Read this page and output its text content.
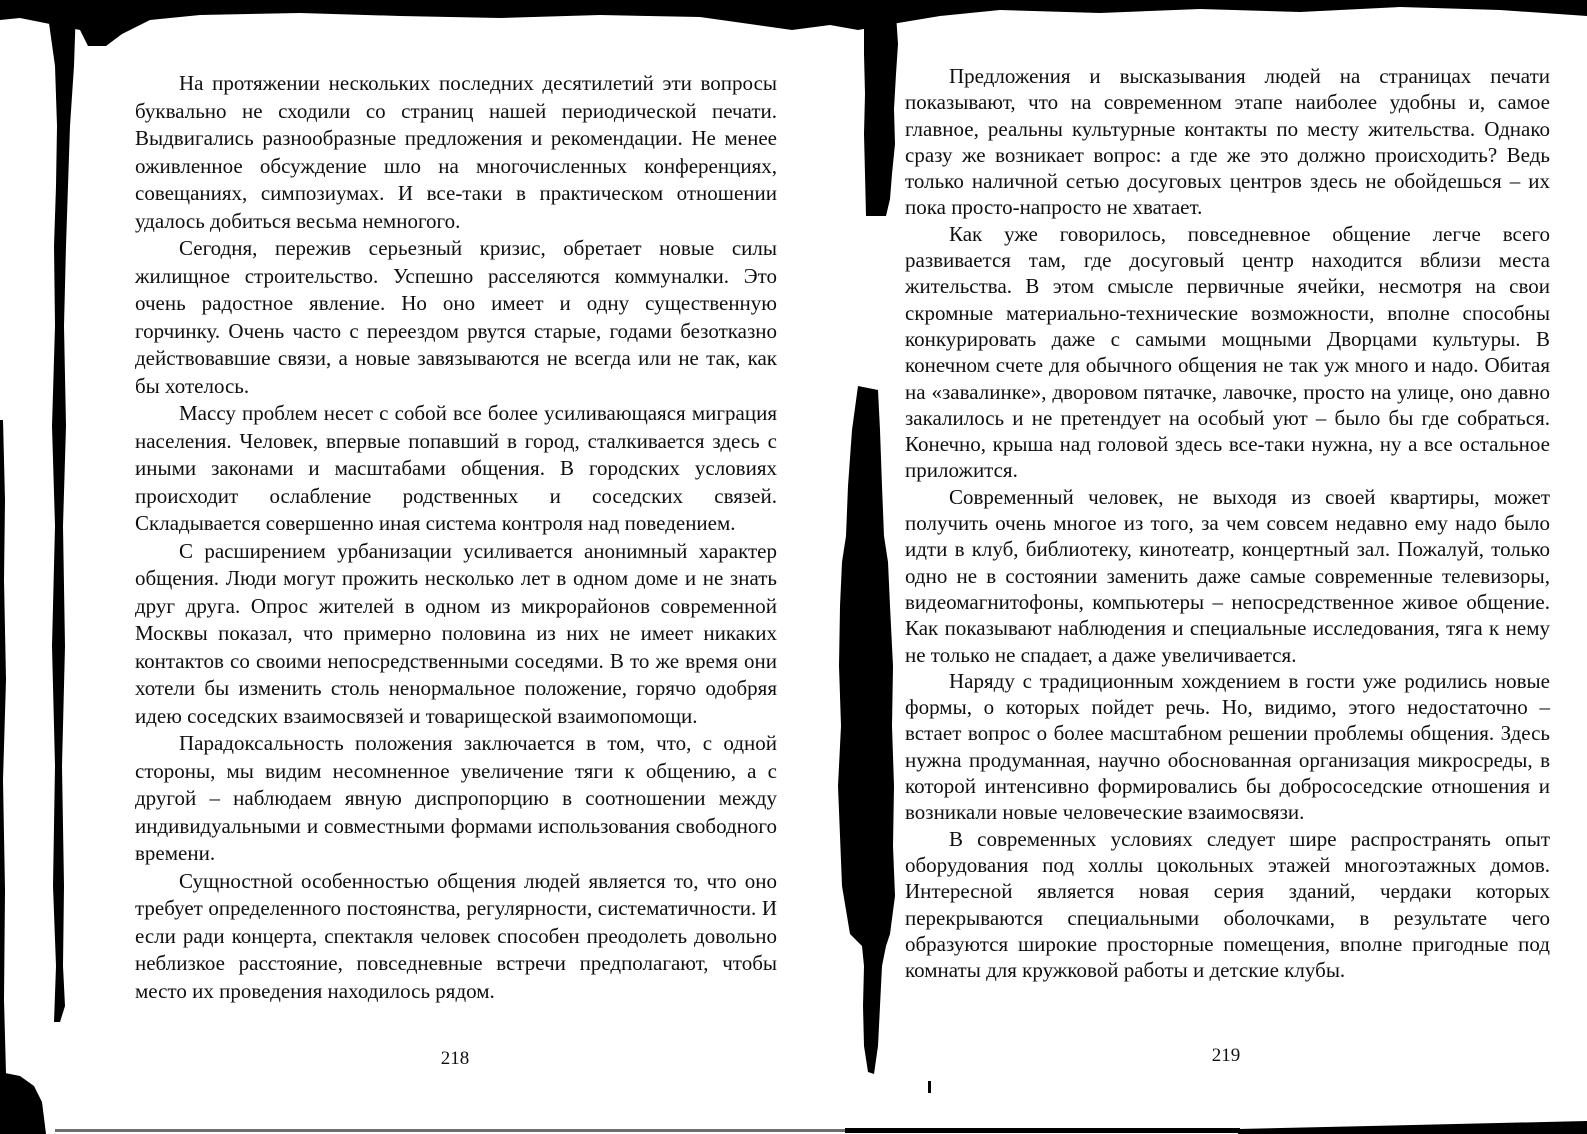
На протяжении нескольких последних десятилетий эти вопросы буквально не сходили со страниц нашей периодической печати. Выдвигались разнообразные предложения и рекомендации. Не менее оживленное обсуждение шло на многочисленных конференциях, совещаниях, симпозиумах. И все-таки в практическом отношении удалось добиться весьма немногого.

Сегодня, пережив серьезный кризис, обретает новые силы жилищное строительство. Успешно расселяются коммуналки. Это очень радостное явление. Но оно имеет и одну существенную горчинку. Очень часто с переездом рвутся старые, годами безотказно действовавшие связи, а новые завязываются не всегда или не так, как бы хотелось.

Массу проблем несет с собой все более усиливающаяся миграция населения. Человек, впервые попавший в город, сталкивается здесь с иными законами и масштабами общения. В городских условиях происходит ослабление родственных и соседских связей. Складывается совершенно иная система контроля над поведением.

С расширением урбанизации усиливается анонимный характер общения. Люди могут прожить несколько лет в одном доме и не знать друг друга. Опрос жителей в одном из микрорайонов современной Москвы показал, что примерно половина из них не имеет никаких контактов со своими непосредственными соседями. В то же время они хотели бы изменить столь ненормальное положение, горячо одобряя идею соседских взаимосвязей и товарищеской взаимопомощи.

Парадоксальность положения заключается в том, что, с одной стороны, мы видим несомненное увеличение тяги к общению, а с другой – наблюдаем явную диспропорцию в соотношении между индивидуальными и совместными формами использования свободного времени.

Сущностной особенностью общения людей является то, что оно требует определенного постоянства, регулярности, систематичности. И если ради концерта, спектакля человек способен преодолеть довольно неблизкое расстояние, повседневные встречи предполагают, чтобы место их проведения находилось рядом.

218

Предложения и высказывания людей на страницах печати показывают, что на современном этапе наиболее удобны и, самое главное, реальны культурные контакты по месту жительства. Однако сразу же возникает вопрос: а где же это должно происходить? Ведь только наличной сетью досуговых центров здесь не обойдешься – их пока просто-напросто не хватает.

Как уже говорилось, повседневное общение легче всего развивается там, где досуговый центр находится вблизи места жительства. В этом смысле первичные ячейки, несмотря на свои скромные материально-технические возможности, вполне способны конкурировать даже с самыми мощными Дворцами культуры. В конечном счете для обычного общения не так уж много и надо. Обитая на «завалинке», дворовом пятачке, лавочке, просто на улице, оно давно закалилось и не претендует на особый уют – было бы где собраться. Конечно, крыша над головой здесь все-таки нужна, ну а все остальное приложится.

Современный человек, не выходя из своей квартиры, может получить очень многое из того, за чем совсем недавно ему надо было идти в клуб, библиотеку, кинотеатр, концертный зал. Пожалуй, только одно не в состоянии заменить даже самые современные телевизоры, видеомагнитофоны, компьютеры – непосредственное живое общение. Как показывают наблюдения и специальные исследования, тяга к нему не только не спадает, а даже увеличивается.

Наряду с традиционным хождением в гости уже родились новые формы, о которых пойдет речь. Но, видимо, этого недостаточно – встает вопрос о более масштабном решении проблемы общения. Здесь нужна продуманная, научно обоснованная организация микросреды, в которой интенсивно формировались бы добрососедские отношения и возникали новые человеческие взаимосвязи.

В современных условиях следует шире распространять опыт оборудования под холлы цокольных этажей многоэтажных домов. Интересной является новая серия зданий, чердаки которых перекрываются специальными оболочками, в результате чего образуются широкие просторные помещения, вполне пригодные под комнаты для кружковой работы и детские клубы.

219
